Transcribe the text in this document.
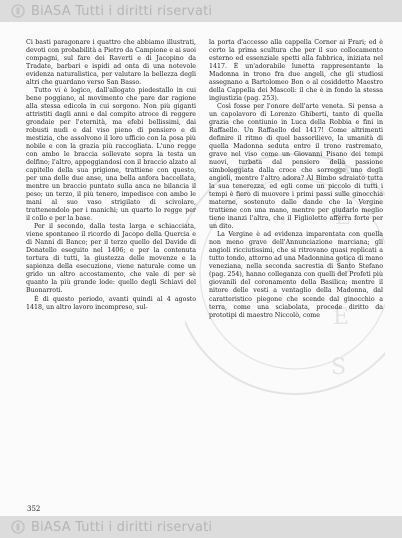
BiASA Tutti i diritti riservati
A
E
D
E
S

Ci basti paragonare i quattro che abbiamo illustrati, devoti con probabilità a Pietro da Campione e ai suoi compagni, sul fare dei Raverti e di Jacopino da Tradate, barbari e ispidi ad onta di una notevole evidenza naturalistica, per valutare la bellezza degli altri che guardano verso San Basso.

Tutto vi è logico, dall'allogato piedestallo in cui bene poggiano, al movimento che pare dar ragione alla stessa edicola in cui sorgono. Non più giganti attristiti dagli anni e dal compito atroce di reggere grondaie per l'eternità, ma efebi bellissimi, dai robusti nudi e dal viso pieno di pensiero e di mestizia, che assolvono il loro ufficio con la posa più nobile e con la grazia più raccogliata. L'uno regge con ambo le braccia sollevate sopra la testa un delfino; l'altro, appoggiandosi con il braccio alzato al capitello della sua prigione, trattiene con questo, per una delle due anse, una bella anfora baccellata, mentre un braccio puntato sulla anca ne bilancia il peso; un terzo, il più tenero, impedisce con ambo le mani al suo vaso strigilato di scivolare, trattenendolo per i manichi; un quarto lo regge per il collo e per la base.

Per il secondo, dalla testa larga e schiacciata, viene spontaneo il ricordo di Jacopo della Quercia e di Nanni di Banco; per il terzo quello del Davide di Donatello eseguito nel 1406; e per la contenuta tortura di tutti, la giustezza delle movenze e la sapienza della esecuzione, viene naturale come un grido un altro accostamento, che vale di per sè quanto la più grande lode: quello degli Schiavi del Buonarroti.

È di questo periodo, avanti quindi al 4 agosto 1418, un altro lavoro incompreso, sul-

la porta d'accesso alla cappella Corner ai Frari; ed è certo la prima scultura che per il suo collocamento esterno ed essenziale spetti alla fabbrica, iniziata nel 1417. È un'adorabile lunetta rappresentante la Madonna in trono fra due angeli, che gli studiosi assegnano a Bartolomeo Bon o al cosiddetto Maestro della Cappella dei Mascoli: il che è in fondo la stessa ingiustizia (pag. 253).

Così fosse per l'onore dell'arte veneta. Si pensa a un capolavoro di Lorenzo Ghiberti, tanto di quella grazia che contiunio in Luca della Robbia e fini in Raffaello. Un Raffaello del 1417! Come altrimenti definire il ritmo di quel bassorilievo, la umanità di quella Madonna seduta entro il trono rastremato, grave nel viso come un Giovanni Pisano dei tempi nuovi, turbata dal pensiero della passione simboleggiata dalla croce che sorregge uno degli angioli, mentre l'altro adora? Al Bimbo sdraiato tutta la sua tenerezza, ed egli come un piccolo di tutti i tempi è fiero di muovere i primi passi sulle ginocchia materne, sostenuto dalle dande che la Vergine trattiene con una mano, mentre per giudarlo meglio tiene inanzi l'altra, che il Figlioletto afferra forte per un dito.

La Vergine è ad evidenza imparentata con quella non meno grave dell'Annunciazione marciana; gli angioli ricciutissimi, che si ritrovano quasi replicati a tutto tondo, attorno ad una Madonnina gotica di mano veneziana, nella seconda sacrestia di Santo Stefano (pag. 254), hanno colleganza con quelli del Profeti più giovanili del coronamento della Basilica; mentre il nitore delle vesti a ventaglio della Madonna, dal caratteristico piegone che scende dal ginocchio a terra, come una sciabolata, procede diritto da prototipi di maestro Niccolò, come

352
BiASA Tutti i diritti riservati
